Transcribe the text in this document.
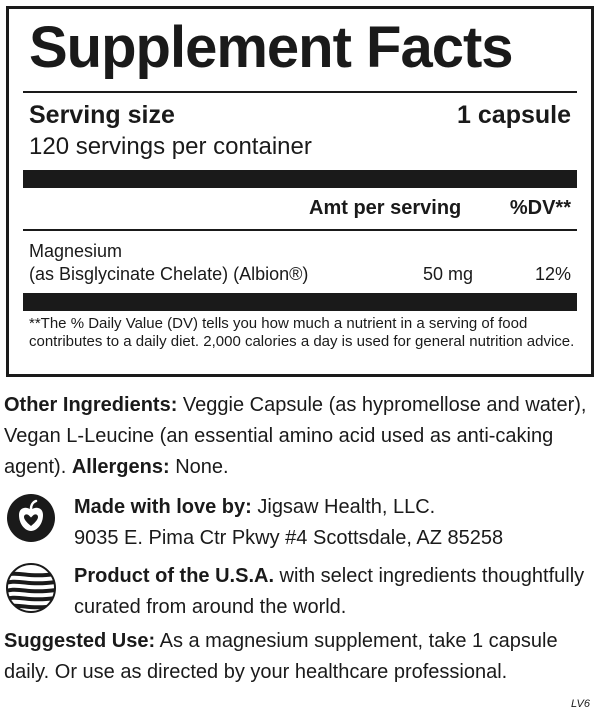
Supplement Facts
Serving size	1 capsule
120 servings per container
Amt per serving %DV**
Magnesium
(as Bisglycinate Chelate) (Albion®)	50 mg	12%
**The % Daily Value (DV) tells you how much a nutrient in a serving of food contributes to a daily diet. 2,000 calories a day is used for general nutrition advice.
Other Ingredients: Veggie Capsule (as hypromellose and water), Vegan L-Leucine (an essential amino acid used as anti-caking agent). Allergens: None.
Made with love by: Jigsaw Health, LLC.
9035 E. Pima Ctr Pkwy #4 Scottsdale, AZ 85258
Product of the U.S.A. with select ingredients thoughtfully curated from around the world.
Suggested Use: As a magnesium supplement, take 1 capsule daily. Or use as directed by your healthcare professional.
LV6
